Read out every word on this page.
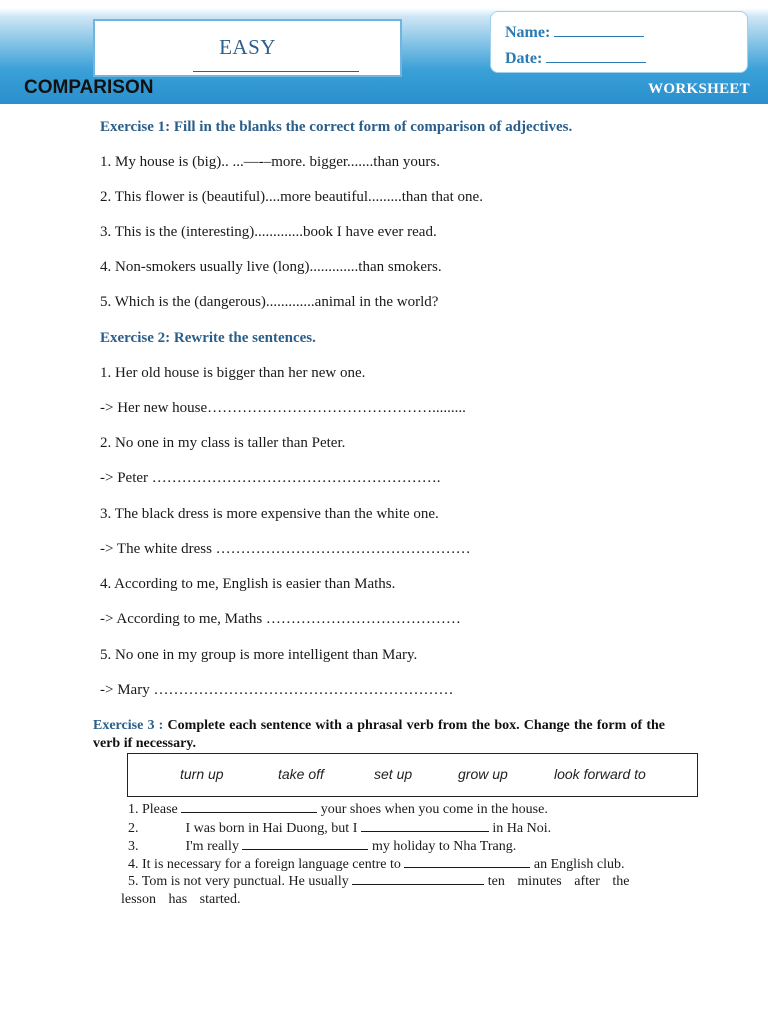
EASY
Name:
Date:
COMPARISON	WORKSHEET
Exercise 1: Fill in the blanks the correct form of comparison of adjectives.
1. My house is (big).. ...—-–more. bigger.......than yours.
2. This flower is (beautiful)....more beautiful.........than that one.
3. This is the (interesting).............book I have ever read.
4. Non-smokers usually live (long).............than smokers.
5. Which is the (dangerous).............animal in the world?
Exercise 2: Rewrite the sentences.
1. Her old house is bigger than her new one.
-> Her new house……………………………………….........
2. No one in my class is taller than Peter.
-> Peter ………………………………………………….
3. The black dress is more expensive than the white one.
-> The white dress ……………………………………………
4. According to me, English is easier than Maths.
-> According to me, Maths …………………………………
5. No one in my group is more intelligent than Mary.
-> Mary ……………………………………………………
Exercise 3 : Complete each sentence with a phrasal verb from the box. Change the form of the verb if necessary.
turn up	take off	set up	grow up	look forward to
1. Please	your shoes when you come in the house.
2.	I was born in Hai Duong, but I	in Ha Noi.
3.	I'm really	my holiday to Nha Trang.
4. It is necessary for a foreign language centre to	an English club.
5. Tom is not very punctual. He usually	ten minutes after the lesson has started.
